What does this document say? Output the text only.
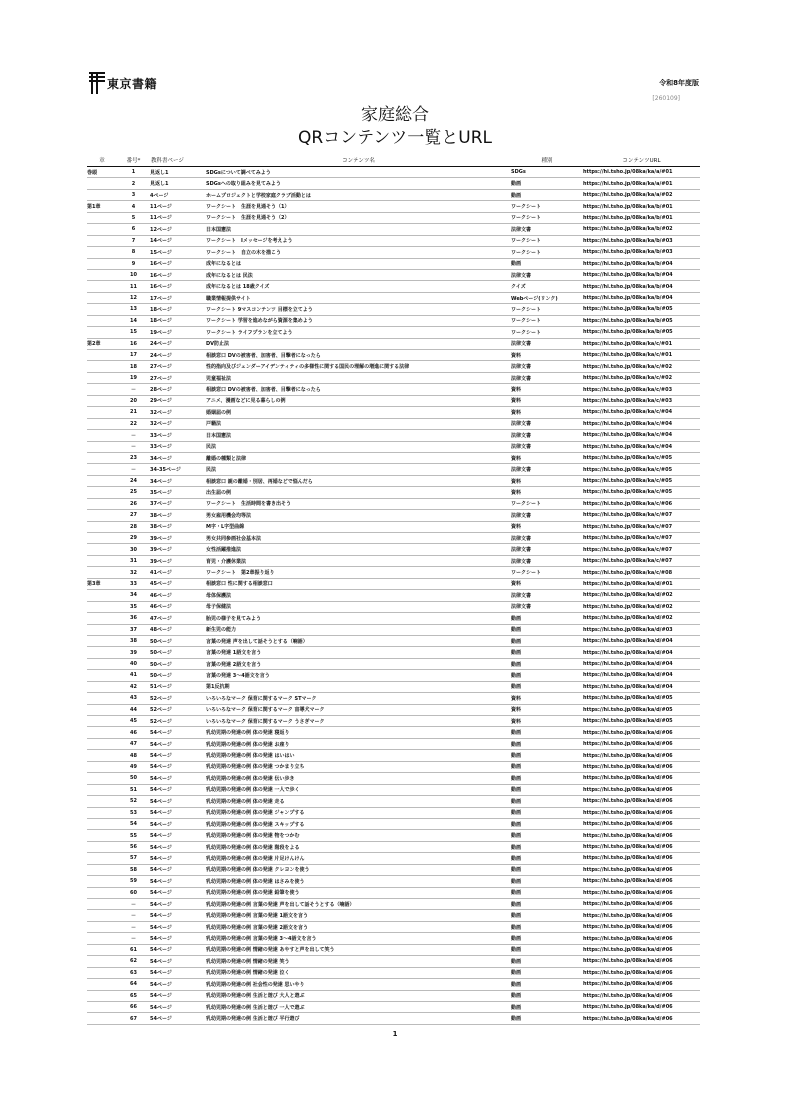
東京書籍	令和8年度版
[260109]
家庭総合
QRコンテンツ一覧とURL
章	番号*	教科書ページ	コンテンツ名	種別	コンテンツURL
巻頭	1	見返し1	SDGsについて調べてみよう	SDGs	https://hi.tsho.jp/08ka/ka/a/#01
	2	見返し1	SDGsへの取り組みを見てみよう	動画	https://hi.tsho.jp/08ka/ka/a/#01
	3	4ページ	ホームプロジェクトと学校家庭クラブ活動とは	動画	https://hi.tsho.jp/08ka/ka/a/#02
第1章	4	11ページ	ワークシート　生涯を見通そう（1）	ワークシート	https://hi.tsho.jp/08ka/ka/b/#01
	5	11ページ	ワークシート　生涯を見通そう（2）	ワークシート	https://hi.tsho.jp/08ka/ka/b/#01
	6	12ページ	日本国憲法	法律文書	https://hi.tsho.jp/08ka/ka/b/#02
	7	14ページ	ワークシート　Iメッセージを考えよう	ワークシート	https://hi.tsho.jp/08ka/ka/b/#03
	8	15ページ	ワークシート　自立の木を描こう	ワークシート	https://hi.tsho.jp/08ka/ka/b/#03
	9	16ページ	成年になるとは	動画	https://hi.tsho.jp/08ka/ka/b/#04
	10	16ページ	成年になるとは 民法	法律文書	https://hi.tsho.jp/08ka/ka/b/#04
	11	16ページ	成年になるとは 18歳クイズ	クイズ	https://hi.tsho.jp/08ka/ka/b/#04
	12	17ページ	職業情報提供サイト	Webページ(リンク)	https://hi.tsho.jp/08ka/ka/b/#04
	13	18ページ	ワークシート 9マスコンテンツ 目標を立てよう	ワークシート	https://hi.tsho.jp/08ka/ka/b/#05
	14	18ページ	ワークシート 学習を進めながら資源を集めよう	ワークシート	https://hi.tsho.jp/08ka/ka/b/#05
	15	19ページ	ワークシート ライフプランを立てよう	ワークシート	https://hi.tsho.jp/08ka/ka/b/#05
第2章	16	24ページ	DV防止法	法律文書	https://hi.tsho.jp/08ka/ka/c/#01
	17	24ページ	相談窓口 DVの被害者、加害者、目撃者になったら	資料	https://hi.tsho.jp/08ka/ka/c/#01
	18	27ページ	性的指向及びジェンダーアイデンティティの多様性に関する国民の理解の増進に関する法律	法律文書	https://hi.tsho.jp/08ka/ka/c/#02
	19	27ページ	児童福祉法	法律文書	https://hi.tsho.jp/08ka/ka/c/#02
	－	28ページ	相談窓口 DVの被害者、加害者、目撃者になったら	資料	https://hi.tsho.jp/08ka/ka/c/#03
	20	29ページ	アニメ、漫画などに見る暮らしの例	資料	https://hi.tsho.jp/08ka/ka/c/#03
	21	32ページ	婚姻届の例	資料	https://hi.tsho.jp/08ka/ka/c/#04
	22	32ページ	戸籍法	法律文書	https://hi.tsho.jp/08ka/ka/c/#04
	－	33ページ	日本国憲法	法律文書	https://hi.tsho.jp/08ka/ka/c/#04
	－	33ページ	民法	法律文書	https://hi.tsho.jp/08ka/ka/c/#04
	23	34ページ	離婚の種類と法律	資料	https://hi.tsho.jp/08ka/ka/c/#05
	－	34-35ページ	民法	法律文書	https://hi.tsho.jp/08ka/ka/c/#05
	24	34ページ	相談窓口 親の離婚・別居、再婚などで悩んだら	資料	https://hi.tsho.jp/08ka/ka/c/#05
	25	35ページ	出生届の例	資料	https://hi.tsho.jp/08ka/ka/c/#05
	26	37ページ	ワークシート　生活時間を書き出そう	ワークシート	https://hi.tsho.jp/08ka/ka/c/#06
	27	38ページ	男女雇用機会均等法	法律文書	https://hi.tsho.jp/08ka/ka/c/#07
	28	38ページ	M字・L字型曲線	資料	https://hi.tsho.jp/08ka/ka/c/#07
	29	39ページ	男女共同参画社会基本法	法律文書	https://hi.tsho.jp/08ka/ka/c/#07
	30	39ページ	女性活躍推進法	法律文書	https://hi.tsho.jp/08ka/ka/c/#07
	31	39ページ	育児・介護休業法	法律文書	https://hi.tsho.jp/08ka/ka/c/#07
	32	41ページ	ワークシート　第2章振り返り	ワークシート	https://hi.tsho.jp/08ka/ka/c/#08
第3章	33	45ページ	相談窓口 性に関する相談窓口	資料	https://hi.tsho.jp/08ka/ka/d/#01
	34	46ページ	母体保護法	法律文書	https://hi.tsho.jp/08ka/ka/d/#02
	35	46ページ	母子保健法	法律文書	https://hi.tsho.jp/08ka/ka/d/#02
	36	47ページ	胎児の様子を見てみよう	動画	https://hi.tsho.jp/08ka/ka/d/#02
	37	48ページ	新生児の能力	動画	https://hi.tsho.jp/08ka/ka/d/#03
	38	50ページ	言葉の発達 声を出して話そうとする（喃語）	動画	https://hi.tsho.jp/08ka/ka/d/#04
	39	50ページ	言葉の発達 1語文を言う	動画	https://hi.tsho.jp/08ka/ka/d/#04
	40	50ページ	言葉の発達 2語文を言う	動画	https://hi.tsho.jp/08ka/ka/d/#04
	41	50ページ	言葉の発達 3～4語文を言う	動画	https://hi.tsho.jp/08ka/ka/d/#04
	42	51ページ	第1反抗期	動画	https://hi.tsho.jp/08ka/ka/d/#04
	43	52ページ	いろいろなマーク 保育に関するマーク STマーク	資料	https://hi.tsho.jp/08ka/ka/d/#05
	44	52ページ	いろいろなマーク 保育に関するマーク 盲導犬マーク	資料	https://hi.tsho.jp/08ka/ka/d/#05
	45	52ページ	いろいろなマーク 保育に関するマーク うさぎマーク	資料	https://hi.tsho.jp/08ka/ka/d/#05
	46	54ページ	乳幼児期の発達の例 体の発達 寝返り	動画	https://hi.tsho.jp/08ka/ka/d/#06
	47	54ページ	乳幼児期の発達の例 体の発達 お座り	動画	https://hi.tsho.jp/08ka/ka/d/#06
	48	54ページ	乳幼児期の発達の例 体の発達 はいはい	動画	https://hi.tsho.jp/08ka/ka/d/#06
	49	54ページ	乳幼児期の発達の例 体の発達 つかまり立ち	動画	https://hi.tsho.jp/08ka/ka/d/#06
	50	54ページ	乳幼児期の発達の例 体の発達 伝い歩き	動画	https://hi.tsho.jp/08ka/ka/d/#06
	51	54ページ	乳幼児期の発達の例 体の発達 一人で歩く	動画	https://hi.tsho.jp/08ka/ka/d/#06
	52	54ページ	乳幼児期の発達の例 体の発達 走る	動画	https://hi.tsho.jp/08ka/ka/d/#06
	53	54ページ	乳幼児期の発達の例 体の発達 ジャンプする	動画	https://hi.tsho.jp/08ka/ka/d/#06
	54	54ページ	乳幼児期の発達の例 体の発達 スキップする	動画	https://hi.tsho.jp/08ka/ka/d/#06
	55	54ページ	乳幼児期の発達の例 体の発達 物をつかむ	動画	https://hi.tsho.jp/08ka/ka/d/#06
	56	54ページ	乳幼児期の発達の例 体の発達 階段をよる	動画	https://hi.tsho.jp/08ka/ka/d/#06
	57	54ページ	乳幼児期の発達の例 体の発達 片足けんけん	動画	https://hi.tsho.jp/08ka/ka/d/#06
	58	54ページ	乳幼児期の発達の例 体の発達 クレヨンを使う	動画	https://hi.tsho.jp/08ka/ka/d/#06
	59	54ページ	乳幼児期の発達の例 体の発達 はさみを使う	動画	https://hi.tsho.jp/08ka/ka/d/#06
	60	54ページ	乳幼児期の発達の例 体の発達 鉛筆を使う	動画	https://hi.tsho.jp/08ka/ka/d/#06
	－	54ページ	乳幼児期の発達の例 言葉の発達 声を出して話そうとする（喃語）	動画	https://hi.tsho.jp/08ka/ka/d/#06
	－	54ページ	乳幼児期の発達の例 言葉の発達 1語文を言う	動画	https://hi.tsho.jp/08ka/ka/d/#06
	－	54ページ	乳幼児期の発達の例 言葉の発達 2語文を言う	動画	https://hi.tsho.jp/08ka/ka/d/#06
	－	54ページ	乳幼児期の発達の例 言葉の発達 3～4語文を言う	動画	https://hi.tsho.jp/08ka/ka/d/#06
	61	54ページ	乳幼児期の発達の例 情緒の発達 あやすと声を出して笑う	動画	https://hi.tsho.jp/08ka/ka/d/#06
	62	54ページ	乳幼児期の発達の例 情緒の発達 笑う	動画	https://hi.tsho.jp/08ka/ka/d/#06
	63	54ページ	乳幼児期の発達の例 情緒の発達 泣く	動画	https://hi.tsho.jp/08ka/ka/d/#06
	64	54ページ	乳幼児期の発達の例 社会性の発達 思いやり	動画	https://hi.tsho.jp/08ka/ka/d/#06
	65	54ページ	乳幼児期の発達の例 生活と遊び 大人と遊ぶ	動画	https://hi.tsho.jp/08ka/ka/d/#06
	66	54ページ	乳幼児期の発達の例 生活と遊び 一人で遊ぶ	動画	https://hi.tsho.jp/08ka/ka/d/#06
	67	54ページ	乳幼児期の発達の例 生活と遊び 平行遊び	動画	https://hi.tsho.jp/08ka/ka/d/#06
1
